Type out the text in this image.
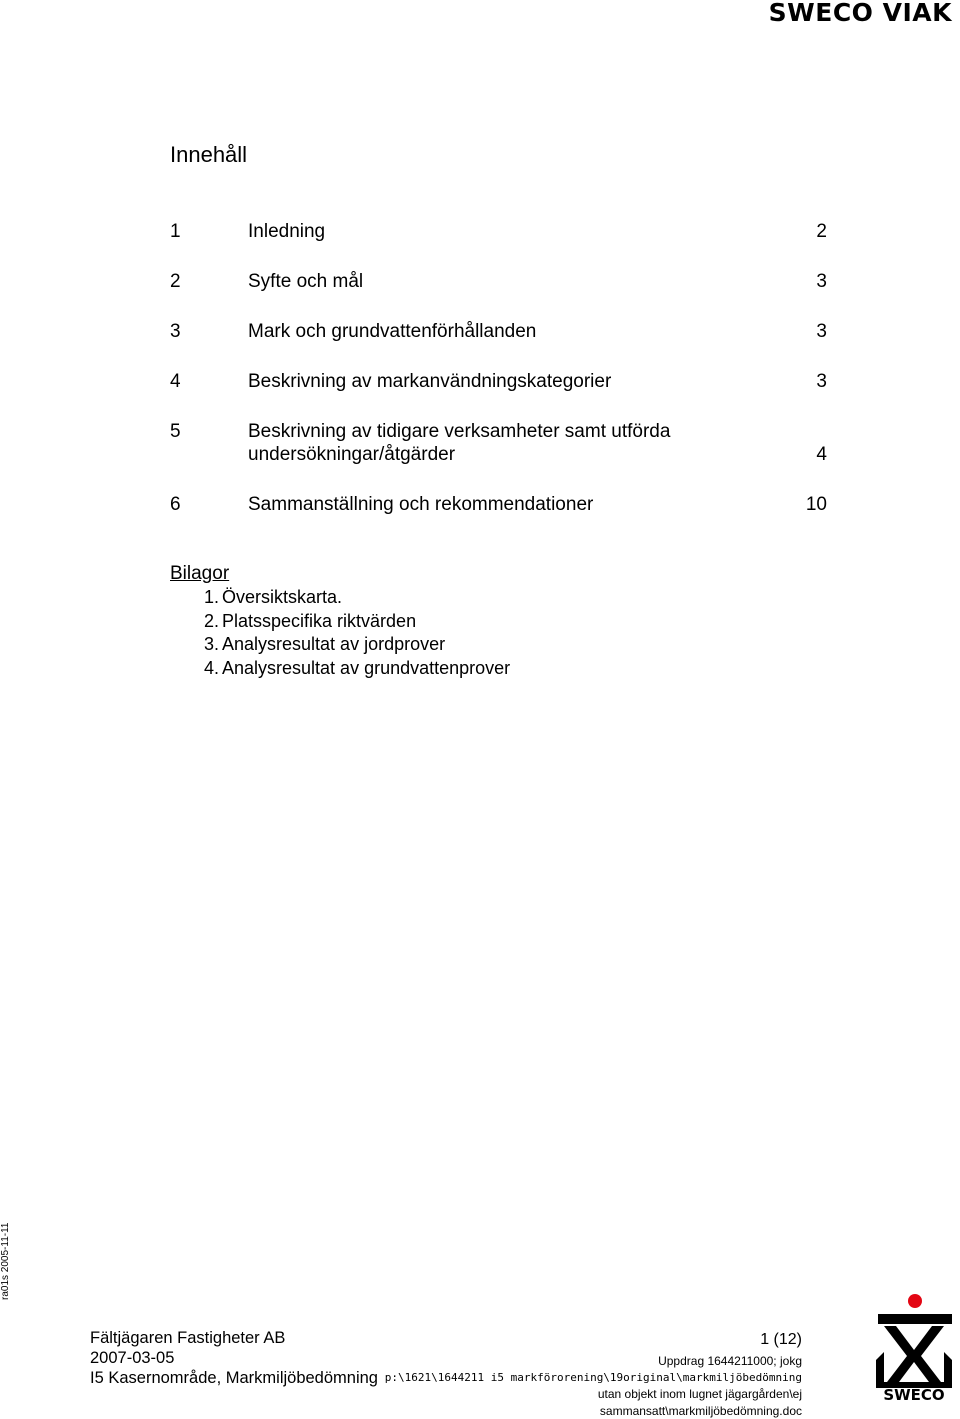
SWECO VIAK
Innehåll
1	Inledning	2
2	Syfte och mål	3
3	Mark och grundvattenförhållanden	3
4	Beskrivning av markanvändningskategorier	3
5	Beskrivning av tidigare verksamheter samt utförda undersökningar/åtgärder	4
6	Sammanställning och rekommendationer	10
Bilagor
1. Översiktskarta.
2. Platsspecifika riktvärden
3. Analysresultat av jordprover
4. Analysresultat av grundvattenprover
ra01s 2005-11-11
Fältjägaren Fastigheter AB
2007-03-05
I5 Kasernområde, Markmiljöbedömning
1 (12)
Uppdrag 1644211000; jokg
p:\1621\1644211 i5 markförorening\19original\markmiljöbedömning
utan objekt inom lugnet jägargården\ej
sammansatt\markmiljöbedömning.doc
SWECO
